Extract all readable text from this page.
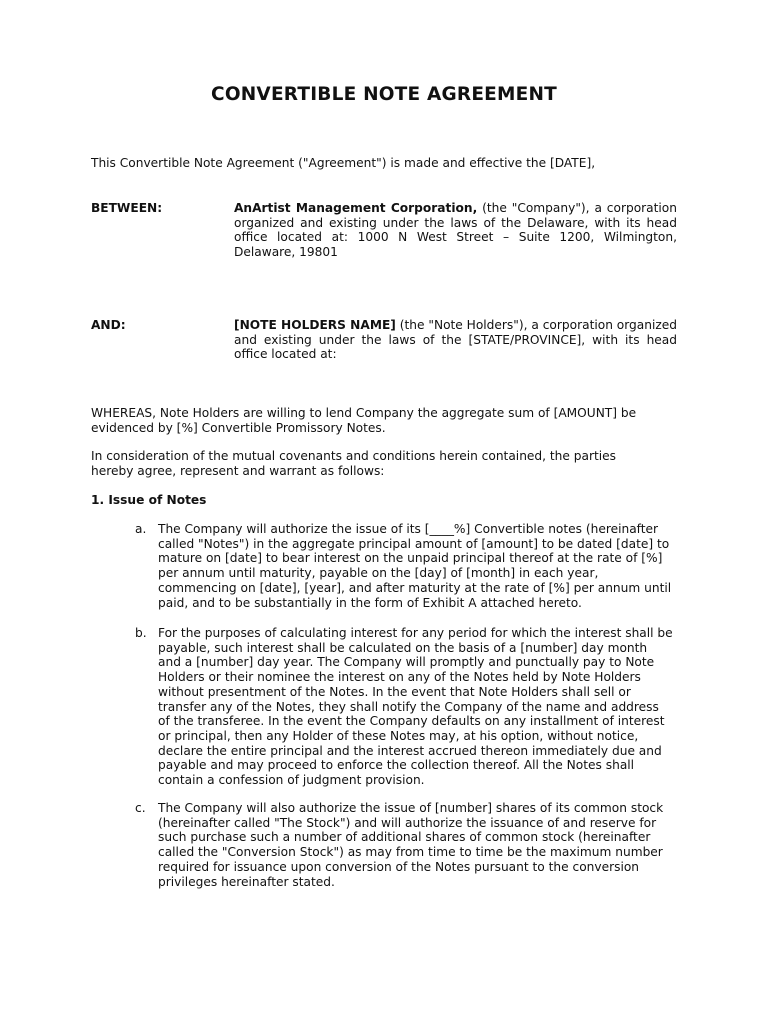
CONVERTIBLE NOTE AGREEMENT

This Convertible Note Agreement ("Agreement") is made and effective the [DATE],

BETWEEN:	AnArtist Management Corporation, (the "Company"), a corporation organized and existing under the laws of the Delaware, with its head office located at: 1000 N West Street – Suite 1200, Wilmington, Delaware, 19801
AND:	[NOTE HOLDERS NAME] (the "Note Holders"), a corporation organized and existing under the laws of the [STATE/PROVINCE], with its head office located at:

WHEREAS, Note Holders are willing to lend Company the aggregate sum of [AMOUNT] be evidenced by [%] Convertible Promissory Notes.

In consideration of the mutual covenants and conditions herein contained, the parties hereby agree, represent and warrant as follows:

1. Issue of Notes
a. The Company will authorize the issue of its [____%] Convertible notes (hereinafter called "Notes") in the aggregate principal amount of [amount] to be dated [date] to mature on [date] to bear interest on the unpaid principal thereof at the rate of [%] per annum until maturity, payable on the [day] of [month] in each year, commencing on [date], [year], and after maturity at the rate of [%] per annum until paid, and to be substantially in the form of Exhibit A attached hereto.
b. For the purposes of calculating interest for any period for which the interest shall be payable, such interest shall be calculated on the basis of a [number] day month and a [number] day year. The Company will promptly and punctually pay to Note Holders or their nominee the interest on any of the Notes held by Note Holders without presentment of the Notes. In the event that Note Holders shall sell or transfer any of the Notes, they shall notify the Company of the name and address of the transferee. In the event the Company defaults on any installment of interest or principal, then any Holder of these Notes may, at his option, without notice, declare the entire principal and the interest accrued thereon immediately due and payable and may proceed to enforce the collection thereof. All the Notes shall contain a confession of judgment provision.
c. The Company will also authorize the issue of [number] shares of its common stock (hereinafter called "The Stock") and will authorize the issuance of and reserve for such purchase such a number of additional shares of common stock (hereinafter called the "Conversion Stock") as may from time to time be the maximum number required for issuance upon conversion of the Notes pursuant to the conversion privileges hereinafter stated.
